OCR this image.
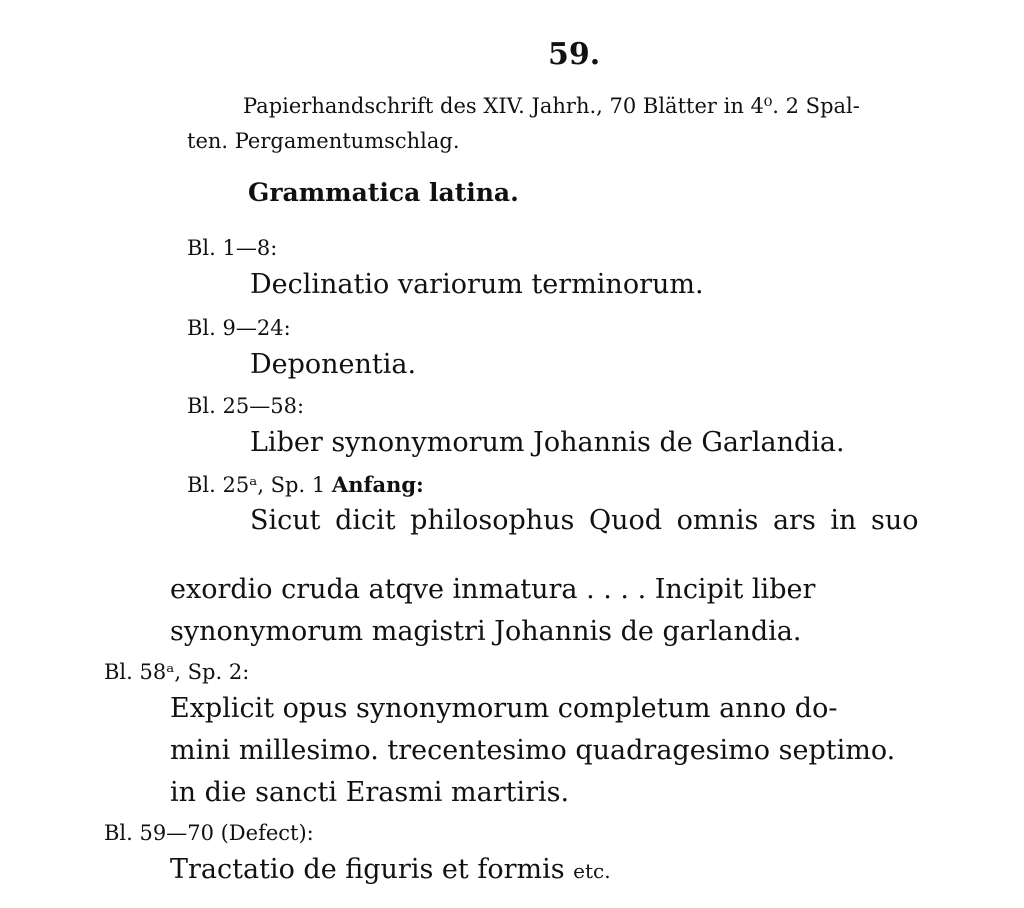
59.
Papierhandschrift des XIV. Jahrh., 70 Blätter in 4⁰. 2 Spal-
ten. Pergamentumschlag.
Grammatica latina.
Bl. 1—8:
Declinatio variorum terminorum.
Bl. 9—24:
Deponentia.
Bl. 25—58:
Liber synonymorum Johannis de Garlandia.
Bl. 25ᵃ, Sp. 1 Anfang:
Sicut dicit philosophus Quod omnis ars in suo
exordio cruda atqve inmatura . . . . Incipit liber
synonymorum magistri Johannis de garlandia.
Bl. 58ᵃ, Sp. 2:
Explicit opus synonymorum completum anno do-
mini millesimo. trecentesimo quadragesimo septimo.
in die sancti Erasmi martiris.
Bl. 59—70 (Defect):
Tractatio de figuris et formis etc.
